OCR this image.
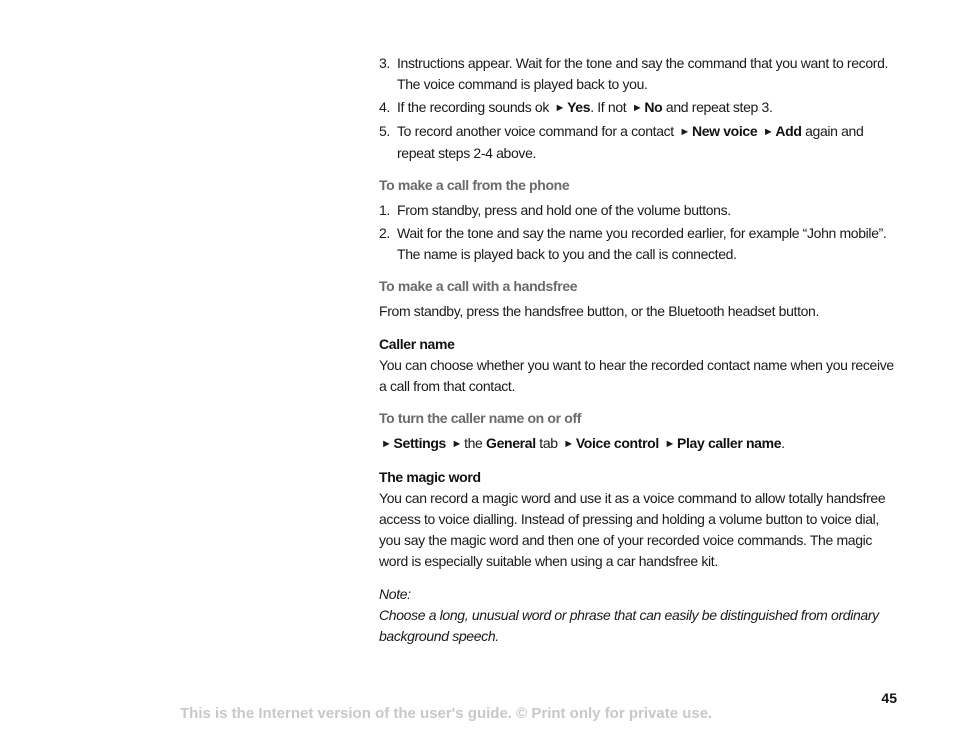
3. Instructions appear. Wait for the tone and say the command that you want to record. The voice command is played back to you.
4. If the recording sounds ok ► Yes. If not ► No and repeat step 3.
5. To record another voice command for a contact ► New voice ► Add again and repeat steps 2-4 above.
To make a call from the phone
1. From standby, press and hold one of the volume buttons.
2. Wait for the tone and say the name you recorded earlier, for example “John mobile”. The name is played back to you and the call is connected.
To make a call with a handsfree

From standby, press the handsfree button, or the Bluetooth headset button.

Caller name

You can choose whether you want to hear the recorded contact name when you receive a call from that contact.

To turn the caller name on or off

► Settings ► the General tab ► Voice control ► Play caller name.

The magic word

You can record a magic word and use it as a voice command to allow totally handsfree access to voice dialling. Instead of pressing and holding a volume button to voice dial, you say the magic word and then one of your recorded voice commands. The magic word is especially suitable when using a car handsfree kit.

Note:
Choose a long, unusual word or phrase that can easily be distinguished from ordinary background speech.
45
This is the Internet version of the user's guide. © Print only for private use.
